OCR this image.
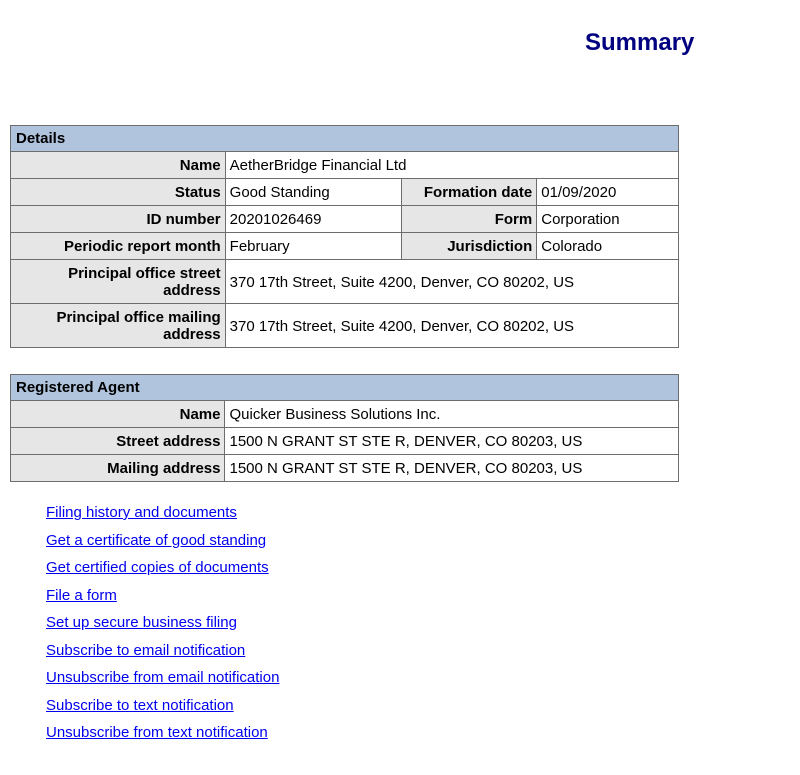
Summary
Details			
Name	AetherBridge Financial Ltd		
Status	Good Standing	Formation date	01/09/2020
ID number	20201026469	Form	Corporation
Periodic report month	February	Jurisdiction	Colorado
Principal office street address	370 17th Street, Suite 4200, Denver, CO 80202, US		
Principal office mailing address	370 17th Street, Suite 4200, Denver, CO 80202, US		
Registered Agent	
Name	Quicker Business Solutions Inc.
Street address	1500 N GRANT ST STE R, DENVER, CO 80203, US
Mailing address	1500 N GRANT ST STE R, DENVER, CO 80203, US
Filing history and documents
Get a certificate of good standing
Get certified copies of documents
File a form
Set up secure business filing
Subscribe to email notification
Unsubscribe from email notification
Subscribe to text notification
Unsubscribe from text notification
